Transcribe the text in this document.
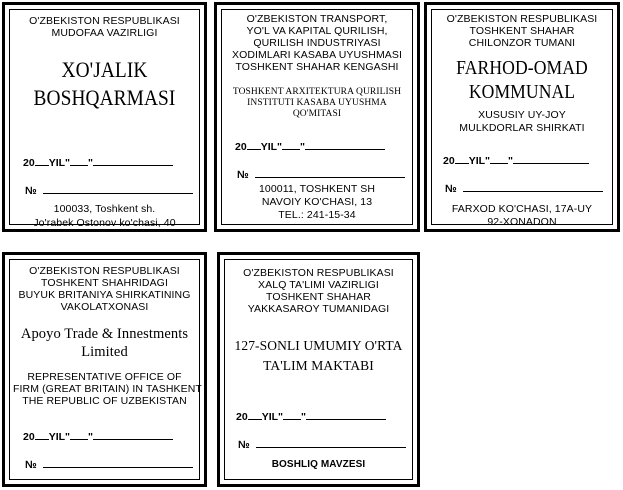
O'ZBEKISTON RESPUBLIKASI
MUDOFAA VAZIRLIGI
XO'JALIK
BOSHQARMASI
20 YIL" "
№
100033, Toshkent sh.
Jo'rabek Ostonov ko'chasi, 40
O'ZBEKISTON TRANSPORT,
YO'L VA KAPITAL QURILISH,
QURILISH INDUSTRIYASI
XODIMLARI KASABA UYUSHMASI
TOSHKENT SHAHAR KENGASHI
TOSHKENT ARXITEKTURA QURILISH
INSTITUTI KASABA UYUSHMA
QO'MITASI
20 YIL" "
№
100011, TOSHKENT SH
NAVOIY KO'CHASI, 13
TEL.: 241-15-34
O'ZBEKISTON RESPUBLIKASI
TOSHKENT SHAHAR
CHILONZOR TUMANI
FARHOD-OMAD
KOMMUNAL
XUSUSIY UY-JOY
MULKDORLAR SHIRKATI
20 YIL" "
№
FARXOD KO'CHASI, 17A-UY
92-XONADON
O'ZBEKISTON RESPUBLIKASI
TOSHKENT SHAHRIDAGI
BUYUK BRITANIYA SHIRKATINING
VAKOLATXONASI
Apoyo Trade & Innestments
Limited
REPRESENTATIVE OFFICE OF
FIRM (GREAT BRITAIN) IN TASHKENT
THE REPUBLIC OF UZBEKISTAN
20 YIL" "
№
O'ZBEKISTON RESPUBLIKASI
XALQ TA'LIMI VAZIRLIGI
TOSHKENT SHAHAR
YAKKASAROY TUMANIDAGI
127-SONLI UMUMIY O'RTA
TA'LIM MAKTABI
20 YIL" "
№
BOSHLIQ MAVZESI
